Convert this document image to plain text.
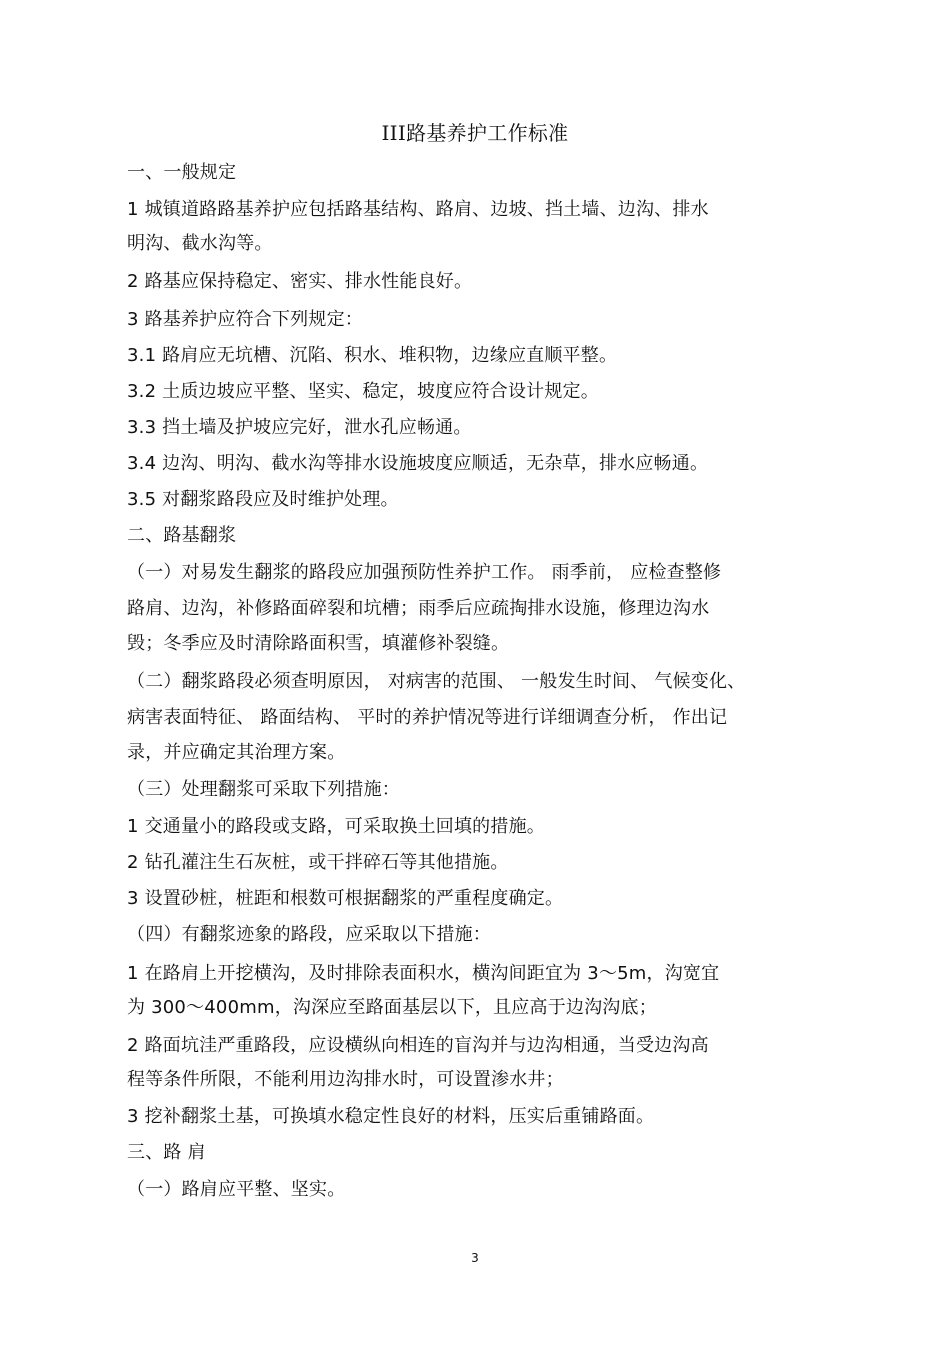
III路基养护工作标准
一、一般规定
1 城镇道路路基养护应包括路基结构、路肩、边坡、挡土墙、边沟、排水
明沟、截水沟等。
2 路基应保持稳定、密实、排水性能良好。
3 路基养护应符合下列规定：
3.1 路肩应无坑槽、沉陷、积水、堆积物，边缘应直顺平整。
3.2 土质边坡应平整、坚实、稳定，坡度应符合设计规定。
3.3 挡土墙及护坡应完好，泄水孔应畅通。
3.4 边沟、明沟、截水沟等排水设施坡度应顺适，无杂草，排水应畅通。
3.5 对翻浆路段应及时维护处理。
二、路基翻浆
（一）对易发生翻浆的路段应加强预防性养护工作。 雨季前， 应检查整修
路肩、边沟，补修路面碎裂和坑槽；雨季后应疏掏排水设施，修理边沟水
毁；冬季应及时清除路面积雪，填灌修补裂缝。
（二）翻浆路段必须查明原因， 对病害的范围、 一般发生时间、 气候变化、
病害表面特征、 路面结构、 平时的养护情况等进行详细调查分析， 作出记
录，并应确定其治理方案。
（三）处理翻浆可采取下列措施：
1 交通量小的路段或支路，可采取换土回填的措施。
2 钻孔灌注生石灰桩，或干拌碎石等其他措施。
3 设置砂桩，桩距和根数可根据翻浆的严重程度确定。
（四）有翻浆迹象的路段，应采取以下措施：
1 在路肩上开挖横沟，及时排除表面积水，横沟间距宜为 3～5m，沟宽宜
为 300～400mm，沟深应至路面基层以下，且应高于边沟沟底；
2 路面坑洼严重路段，应设横纵向相连的盲沟并与边沟相通，当受边沟高
程等条件所限，不能利用边沟排水时，可设置渗水井；
3 挖补翻浆土基，可换填水稳定性良好的材料，压实后重铺路面。
三、路 肩
（一）路肩应平整、坚实。
3
